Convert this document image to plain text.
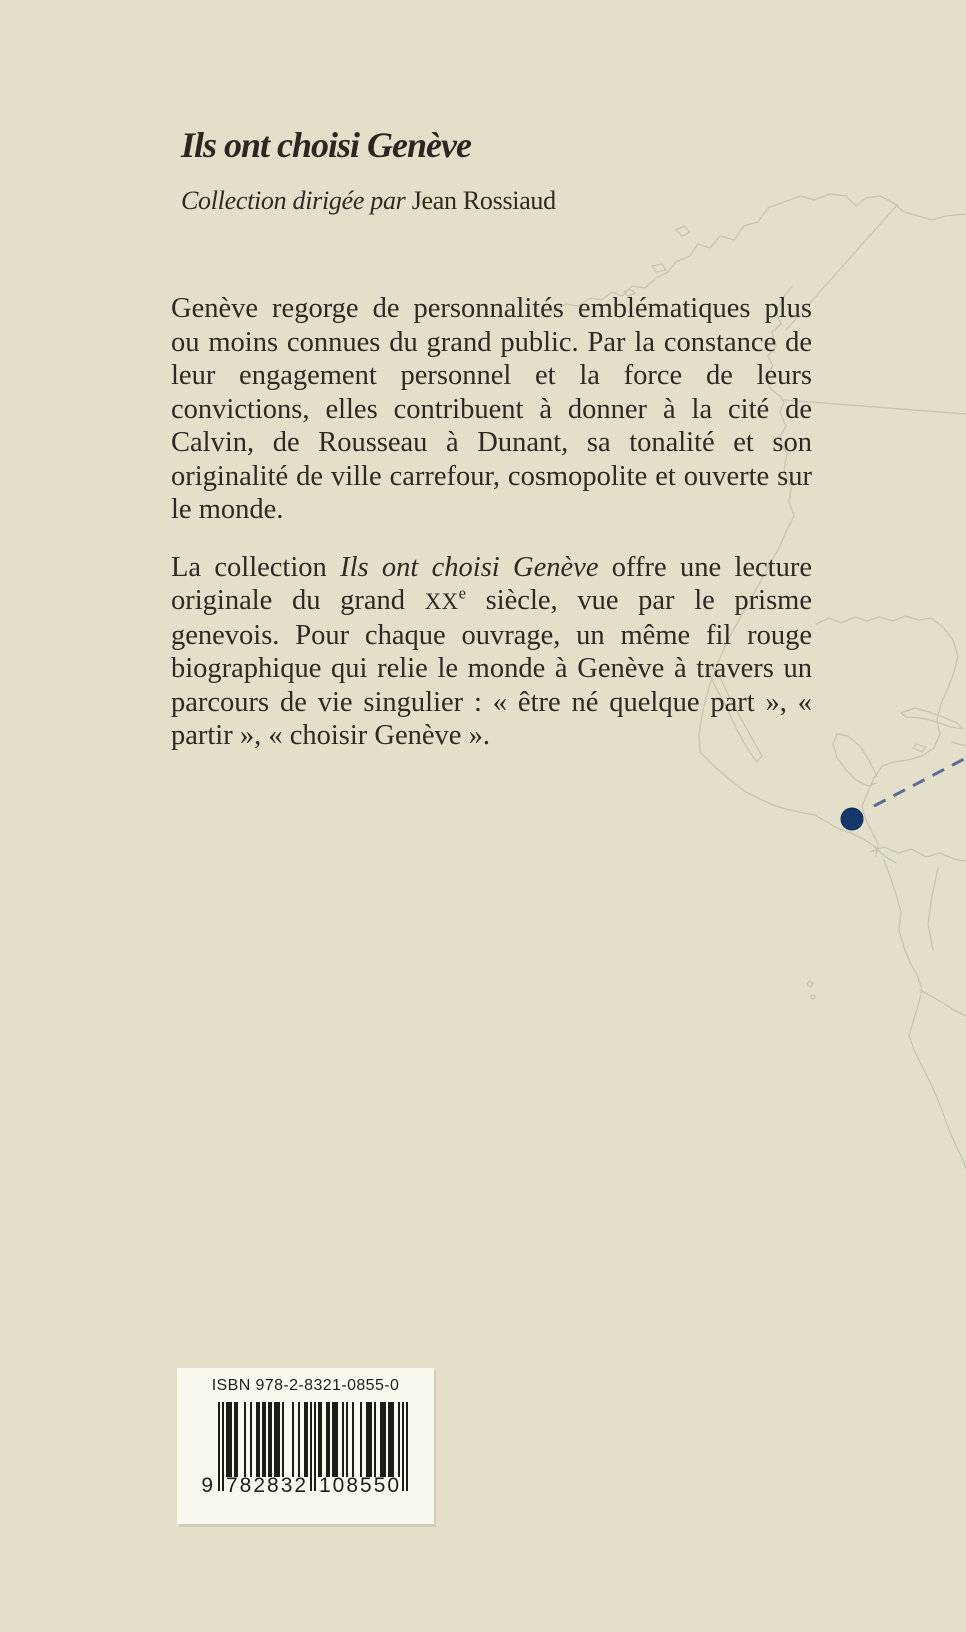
Ils ont choisi Genève

Collection dirigée par Jean Rossiaud

Genève regorge de personnalités emblématiques plus ou moins connues du grand public. Par la constance de leur engagement personnel et la force de leurs convictions, elles contribuent à donner à la cité de Calvin, de Rousseau à Dunant, sa tonalité et son originalité de ville carrefour, cosmopolite et ouverte sur le monde.

La collection Ils ont choisi Genève offre une lecture originale du grand XXe siècle, vue par le prisme genevois. Pour chaque ouvrage, un même fil rouge biographique qui relie le monde à Genève à travers un parcours de vie singulier : « être né quelque part », « partir », « choisir Genève ».

ISBN 978-2-8321-0855-0
9 782832 108550
